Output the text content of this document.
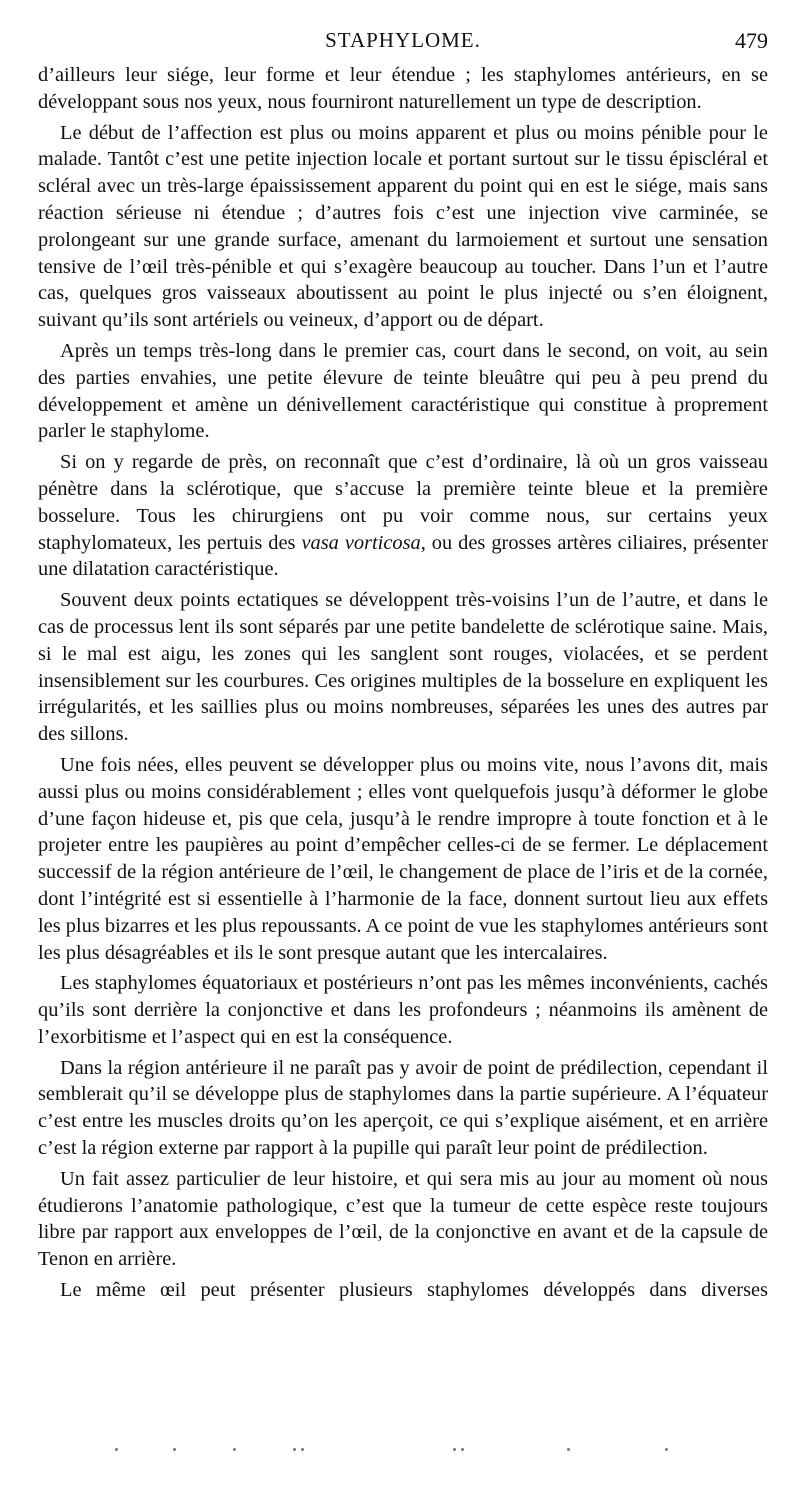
STAPHYLOME.	479

d’ailleurs leur siége, leur forme et leur étendue ; les staphylomes antérieurs, en se développant sous nos yeux, nous fourniront naturellement un type de description.

Le début de l’affection est plus ou moins apparent et plus ou moins pénible pour le malade. Tantôt c’est une petite injection locale et portant surtout sur le tissu épiscléral et scléral avec un très-large épaississement apparent du point qui en est le siége, mais sans réaction sérieuse ni étendue ; d’autres fois c’est une injection vive carminée, se prolongeant sur une grande surface, amenant du larmoiement et surtout une sensation tensive de l’œil très-pénible et qui s’exagère beaucoup au toucher. Dans l’un et l’autre cas, quelques gros vaisseaux aboutissent au point le plus injecté ou s’en éloignent, suivant qu’ils sont artériels ou veineux, d’apport ou de départ.

Après un temps très-long dans le premier cas, court dans le second, on voit, au sein des parties envahies, une petite élevure de teinte bleuâtre qui peu à peu prend du développement et amène un dénivellement caractéristique qui constitue à proprement parler le staphylome.

Si on y regarde de près, on reconnaît que c’est d’ordinaire, là où un gros vaisseau pénètre dans la sclérotique, que s’accuse la première teinte bleue et la première bosselure. Tous les chirurgiens ont pu voir comme nous, sur certains yeux staphylomateux, les pertuis des vasa vorticosa, ou des grosses artères ciliaires, présenter une dilatation caractéristique.

Souvent deux points ectatiques se développent très-voisins l’un de l’autre, et dans le cas de processus lent ils sont séparés par une petite bandelette de sclérotique saine. Mais, si le mal est aigu, les zones qui les sanglent sont rouges, violacées, et se perdent insensiblement sur les courbures. Ces origines multiples de la bosselure en expliquent les irrégularités, et les saillies plus ou moins nombreuses, séparées les unes des autres par des sillons.

Une fois nées, elles peuvent se développer plus ou moins vite, nous l’avons dit, mais aussi plus ou moins considérablement ; elles vont quelquefois jusqu’à déformer le globe d’une façon hideuse et, pis que cela, jusqu’à le rendre impropre à toute fonction et à le projeter entre les paupières au point d’empêcher celles-ci de se fermer. Le déplacement successif de la région antérieure de l’œil, le changement de place de l’iris et de la cornée, dont l’intégrité est si essentielle à l’harmonie de la face, donnent surtout lieu aux effets les plus bizarres et les plus repoussants. A ce point de vue les staphylomes antérieurs sont les plus désagréables et ils le sont presque autant que les intercalaires.

Les staphylomes équatoriaux et postérieurs n’ont pas les mêmes inconvénients, cachés qu’ils sont derrière la conjonctive et dans les profondeurs ; néanmoins ils amènent de l’exorbitisme et l’aspect qui en est la conséquence.

Dans la région antérieure il ne paraît pas y avoir de point de prédilection, cependant il semblerait qu’il se développe plus de staphylomes dans la partie supérieure. A l’équateur c’est entre les muscles droits qu’on les aperçoit, ce qui s’explique aisément, et en arrière c’est la région externe par rapport à la pupille qui paraît leur point de prédilection.

Un fait assez particulier de leur histoire, et qui sera mis au jour au moment où nous étudierons l’anatomie pathologique, c’est que la tumeur de cette espèce reste toujours libre par rapport aux enveloppes de l’œil, de la conjonctive en avant et de la capsule de Tenon en arrière.

Le même œil peut présenter plusieurs staphylomes développés dans diverses
